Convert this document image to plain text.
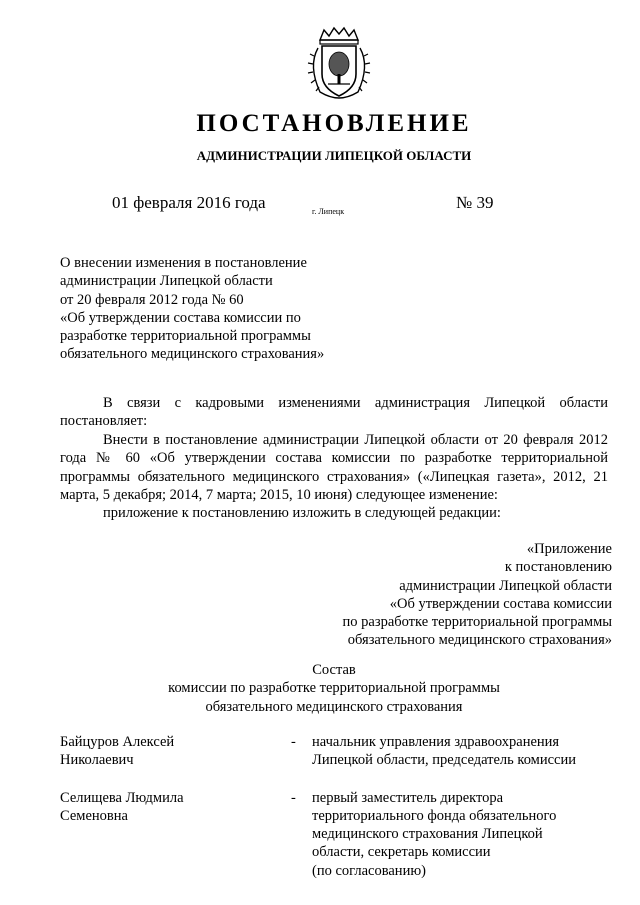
ПОСТАНОВЛЕНИЕ
АДМИНИСТРАЦИИ ЛИПЕЦКОЙ ОБЛАСТИ
01 февраля 2016 года	г. Липецк	№ 39
О внесении изменения в постановление
администрации Липецкой области
от 20 февраля 2012 года № 60
«Об утверждении состава комиссии по
разработке территориальной программы
обязательного медицинского страхования»

В связи с кадровыми изменениями администрация Липецкой области постановляет:

Внести в постановление администрации Липецкой области от 20 февраля 2012 года № 60 «Об утверждении состава комиссии по разработке территориальной программы обязательного медицинского страхования» («Липецкая газета», 2012, 21 марта, 5 декабря; 2014, 7 марта; 2015, 10 июня) следующее изменение:

приложение к постановлению изложить в следующей редакции:

«Приложение
к постановлению
администрации Липецкой области
«Об утверждении состава комиссии
по разработке территориальной программы
обязательного медицинского страхования»
Состав
комиссии по разработке территориальной программы
обязательного медицинского страхования
Байцуров Алексей
Николаевич
-	начальник управления здравоохранения
Липецкой области, председатель комиссии
Селищева Людмила
Семеновна
-	первый заместитель директора
территориального фонда обязательного
медицинского страхования Липецкой
области, секретарь комиссии
(по согласованию)
